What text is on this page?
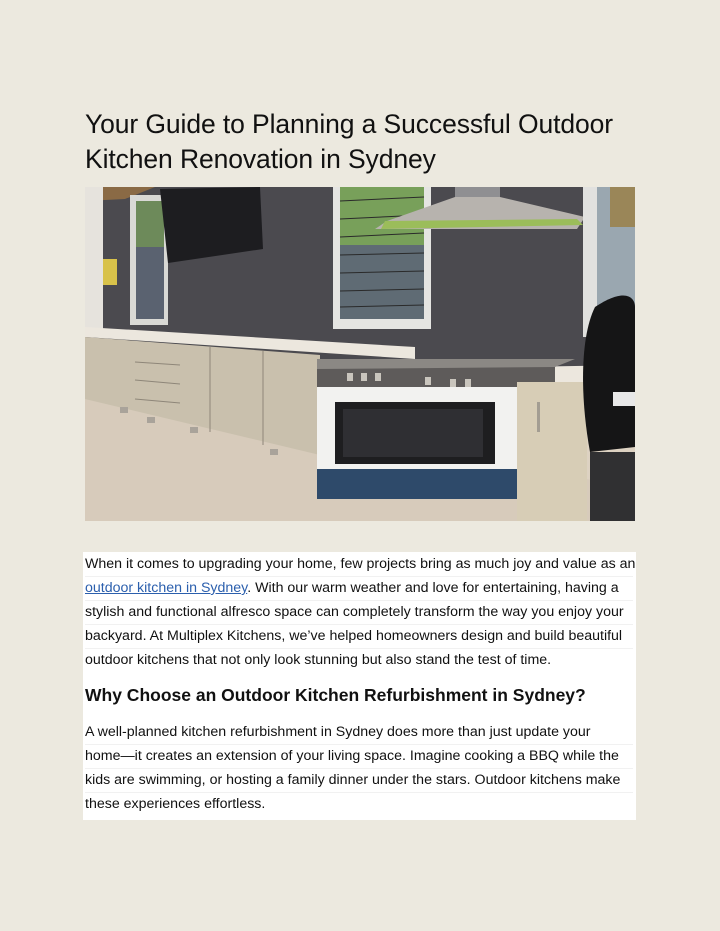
Your Guide to Planning a Successful Outdoor
Kitchen Renovation in Sydney
When it comes to upgrading your home, few projects bring as much joy and value as an
outdoor kitchen in Sydney. With our warm weather and love for entertaining, having a
stylish and functional alfresco space can completely transform the way you enjoy your
backyard. At Multiplex Kitchens, we’ve helped homeowners design and build beautiful
outdoor kitchens that not only look stunning but also stand the test of time.
Why Choose an Outdoor Kitchen Refurbishment in Sydney?
A well-planned kitchen refurbishment in Sydney does more than just update your
home—it creates an extension of your living space. Imagine cooking a BBQ while the
kids are swimming, or hosting a family dinner under the stars. Outdoor kitchens make
these experiences effortless.
